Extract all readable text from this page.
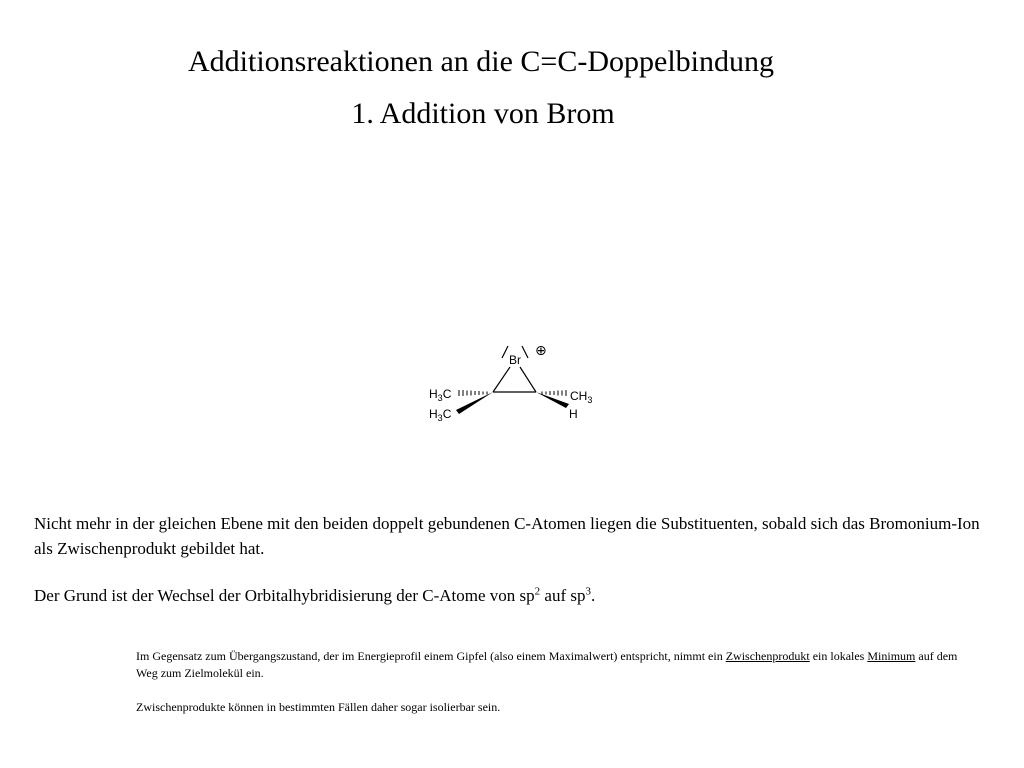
Additionsreaktionen an die C=C-Doppelbindung
1. Addition von Brom
Br
⊕
$H_3C$
$H_3C$
$CH_3$
H

Nicht mehr in der gleichen Ebene mit den beiden doppelt gebundenen C-Atomen liegen die Substituenten, sobald sich das Bromonium-Ion als Zwischenprodukt gebildet hat.

Der Grund ist der Wechsel der Orbitalhybridisierung der C-Atome von $sp^2$ auf $sp^3$.

Im Gegensatz zum Übergangszustand, der im Energieprofil einem Gipfel (also einem Maximalwert) entspricht, nimmt ein Zwischenprodukt ein lokales Minimum auf dem Weg zum Zielmolekül ein.

Zwischenprodukte können in bestimmten Fällen daher sogar isolierbar sein.
